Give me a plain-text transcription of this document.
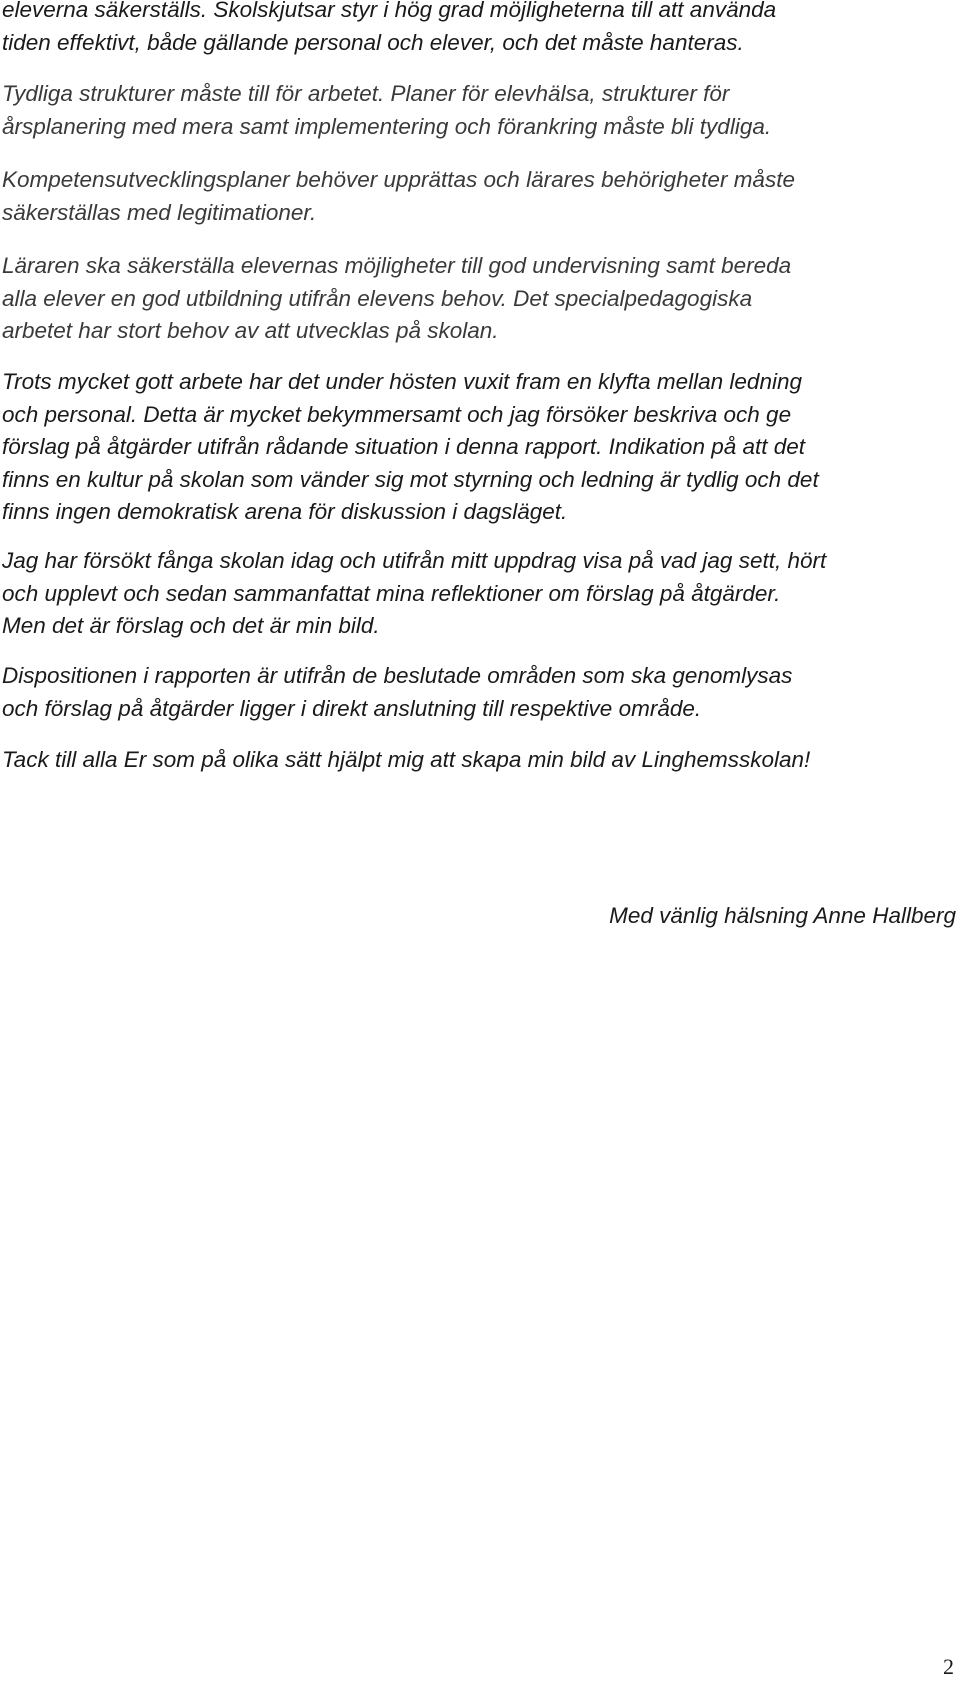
eleverna säkerställs. Skolskjutsar styr i hög grad möjligheterna till att använda
tiden effektivt, både gällande personal och elever, och det måste hanteras.
Tydliga strukturer måste till för arbetet. Planer för elevhälsa, strukturer för
årsplanering med mera samt implementering och förankring måste bli tydliga.
Kompetensutvecklingsplaner behöver upprättas och lärares behörigheter måste
säkerställas med legitimationer.
Läraren ska säkerställa elevernas möjligheter till god undervisning samt bereda
alla elever en god utbildning utifrån elevens behov. Det specialpedagogiska
arbetet har stort behov av att utvecklas på skolan.
Trots mycket gott arbete har det under hösten vuxit fram en klyfta mellan ledning
och personal. Detta är mycket bekymmersamt och jag försöker beskriva och ge
förslag på åtgärder utifrån rådande situation i denna rapport. Indikation på att det
finns en kultur på skolan som vänder sig mot styrning och ledning är tydlig och det
finns ingen demokratisk arena för diskussion i dagsläget.
Jag har försökt fånga skolan idag och utifrån mitt uppdrag visa på vad jag sett, hört
och upplevt och sedan sammanfattat mina reflektioner om förslag på åtgärder.
Men det är förslag och det är min bild.
Dispositionen i rapporten är utifrån de beslutade områden som ska genomlysas
och förslag på åtgärder ligger i direkt anslutning till respektive område.
Tack till alla Er som på olika sätt hjälpt mig att skapa min bild av Linghemsskolan!

Med vänlig hälsning Anne Hallberg

2
